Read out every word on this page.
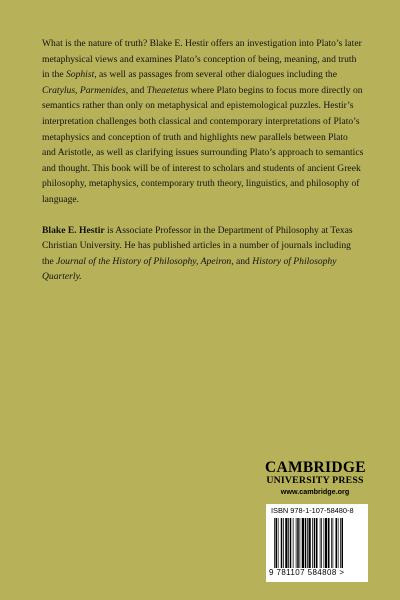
What is the nature of truth? Blake E. Hestir offers an investigation into Plato’s later metaphysical views and examines Plato’s conception of being, meaning, and truth in the Sophist, as well as passages from several other dialogues including the Cratylus, Parmenides, and Theaetetus where Plato begins to focus more directly on semantics rather than only on metaphysical and epistemological puzzles. Hestir’s interpretation challenges both classical and contemporary interpretations of Plato’s metaphysics and conception of truth and highlights new parallels between Plato and Aristotle, as well as clarifying issues surrounding Plato’s approach to semantics and thought. This book will be of interest to scholars and students of ancient Greek philosophy, metaphysics, contemporary truth theory, linguistics, and philosophy of language.

Blake E. Hestir is Associate Professor in the Department of Philosophy at Texas Christian University. He has published articles in a number of journals including the Journal of the History of Philosophy, Apeiron, and History of Philosophy Quarterly.

CAMBRIDGE
UNIVERSITY PRESS
www.cambridge.org
ISBN 978-1-107-58480-8
9 781107 584808 >
